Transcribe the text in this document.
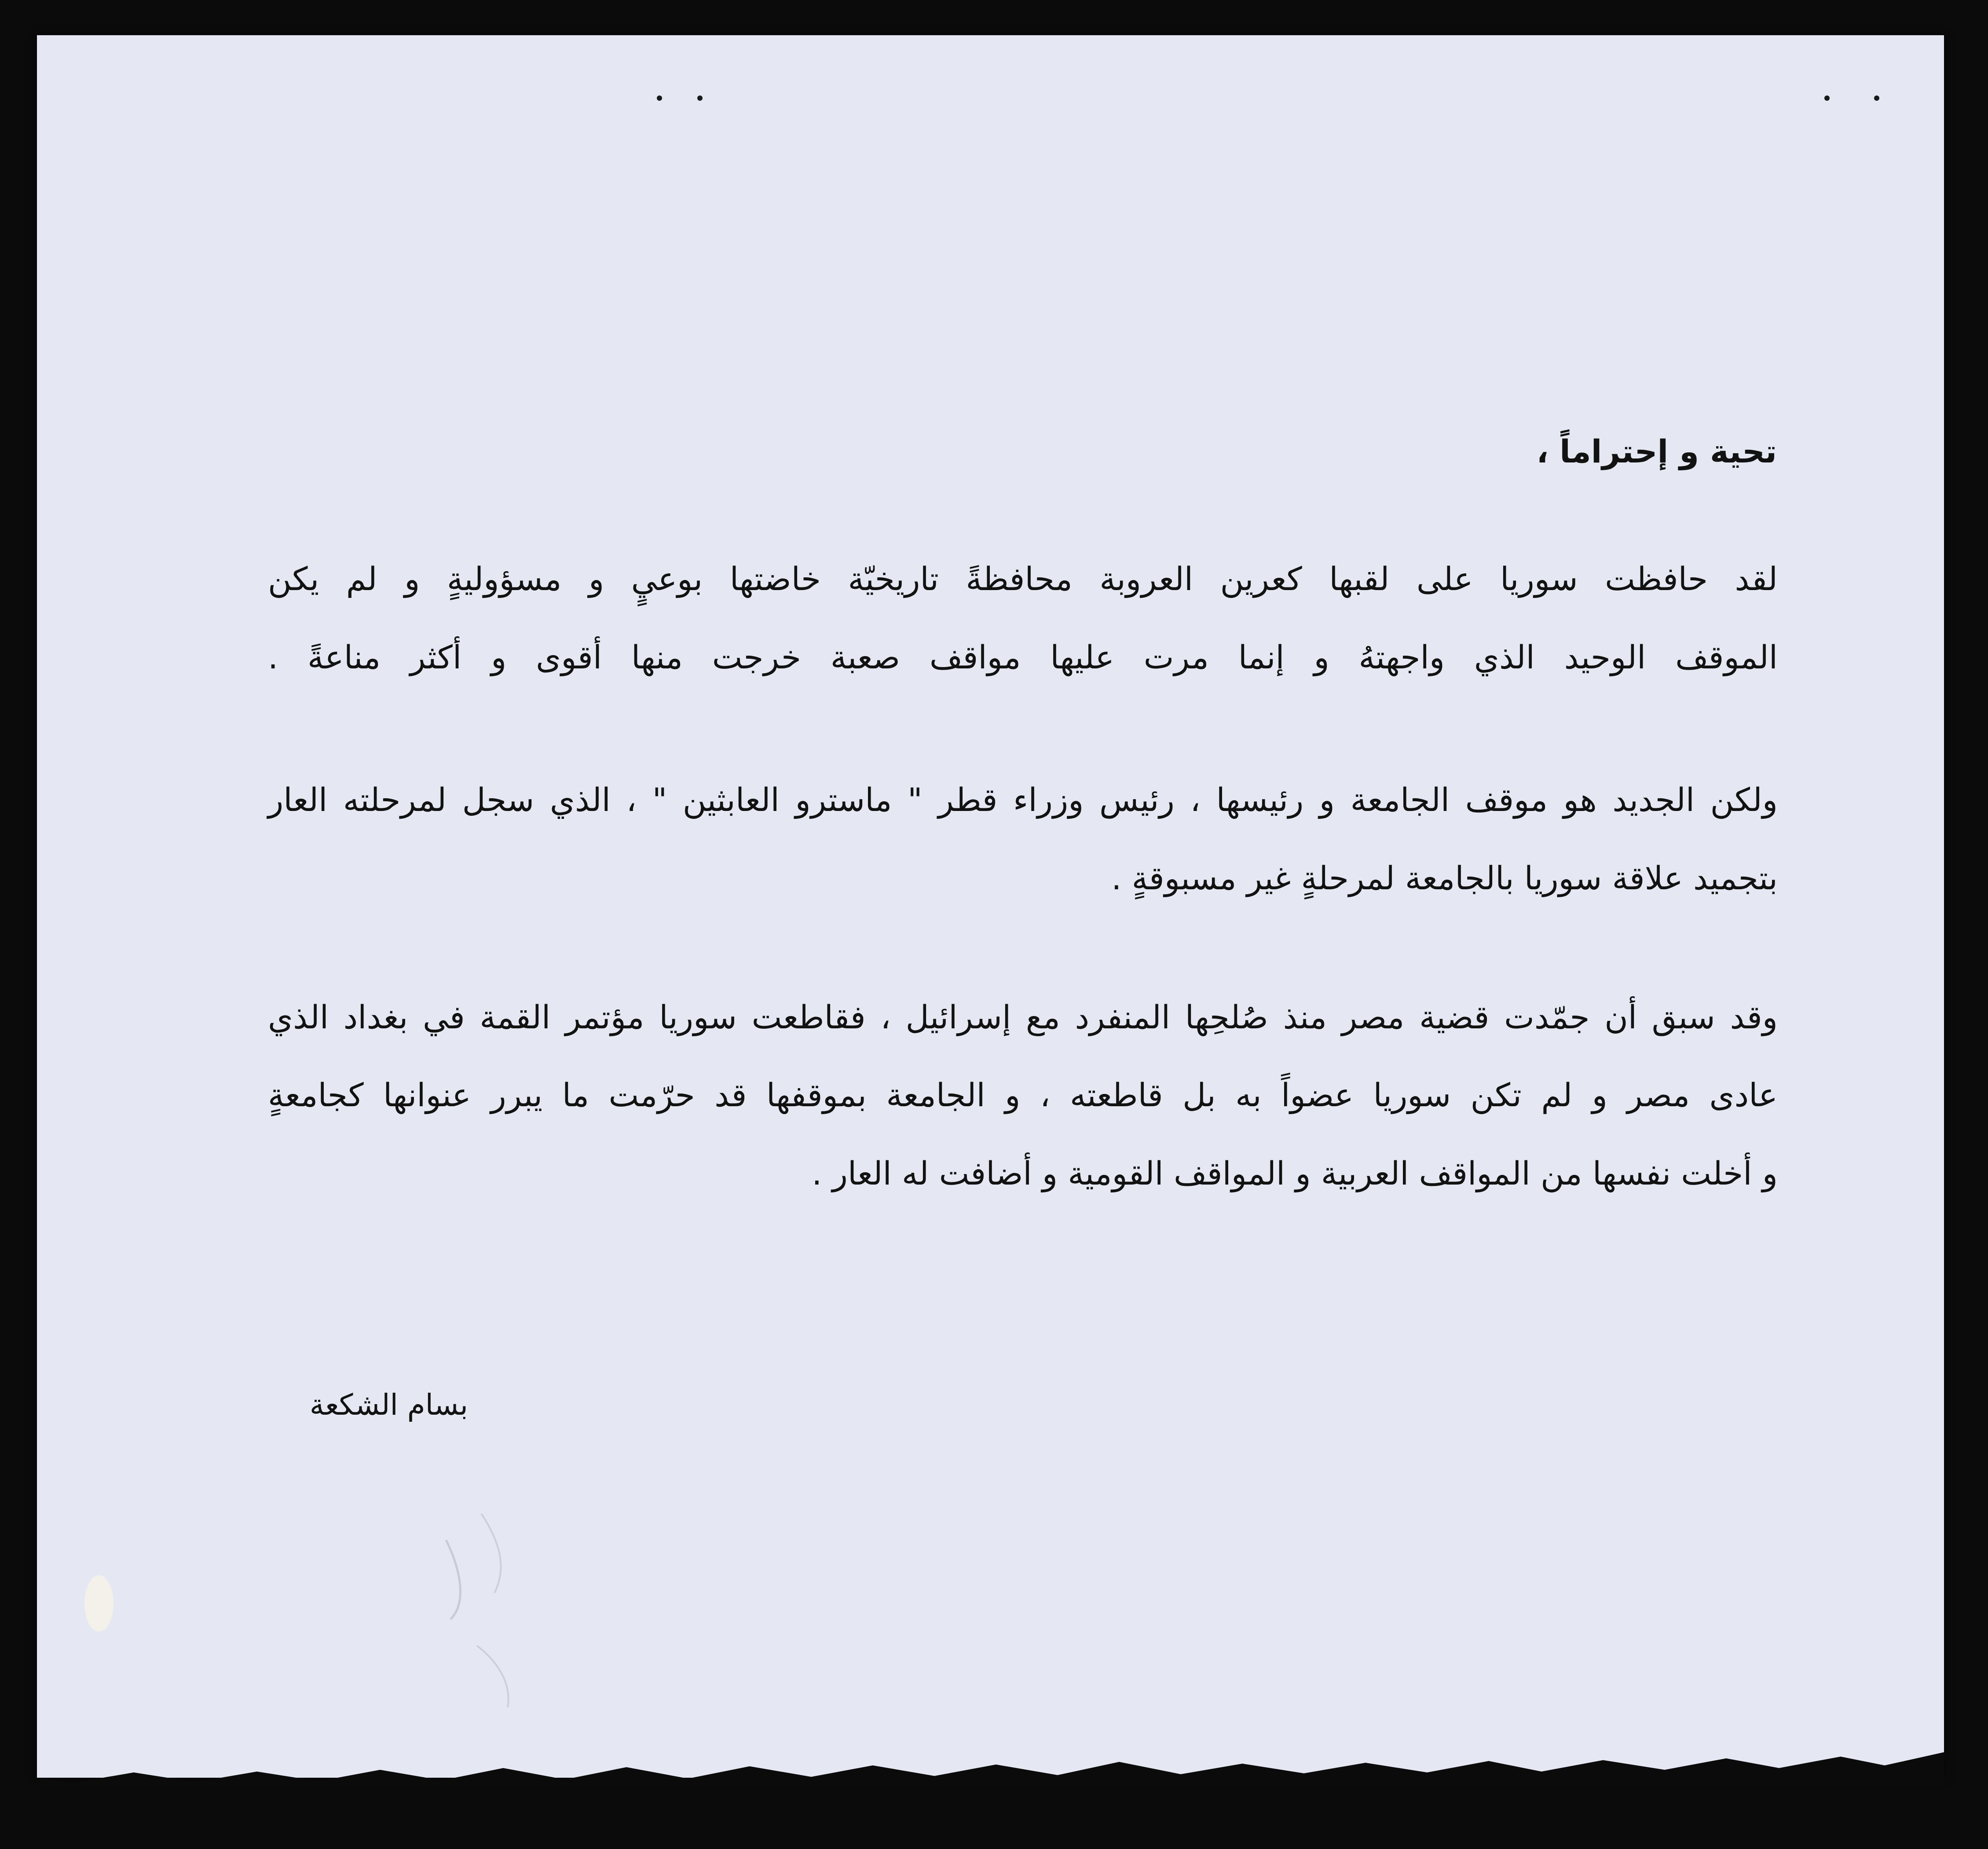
تحية و إحتراماً ،
لقد حافظت سوريا على لقبها كعرين العروبة محافظةً تاريخيّة خاضتها بوعيٍ و مسؤوليةٍ و لم يكن
الموقف الوحيد الذي واجهتهُ و إنما مرت عليها مواقف صعبة خرجت منها أقوى و أكثر مناعةً .
ولكن الجديد هو موقف الجامعة و رئيسها ، رئيس وزراء قطر " ماسترو العابثين " ، الذي سجل لمرحلته العار
بتجميد علاقة سوريا بالجامعة لمرحلةٍ غير مسبوقةٍ .
وقد سبق أن جمّدت قضية مصر منذ صُلحِها المنفرد مع إسرائيل ، فقاطعت سوريا مؤتمر القمة في بغداد الذي
عادى مصر و لم تكن سوريا عضواً به بل قاطعته ، و الجامعة بموقفها قد حرّمت ما يبرر عنوانها كجامعةٍ
و أخلت نفسها من المواقف العربية و المواقف القومية و أضافت له العار .
بسام الشكعة
